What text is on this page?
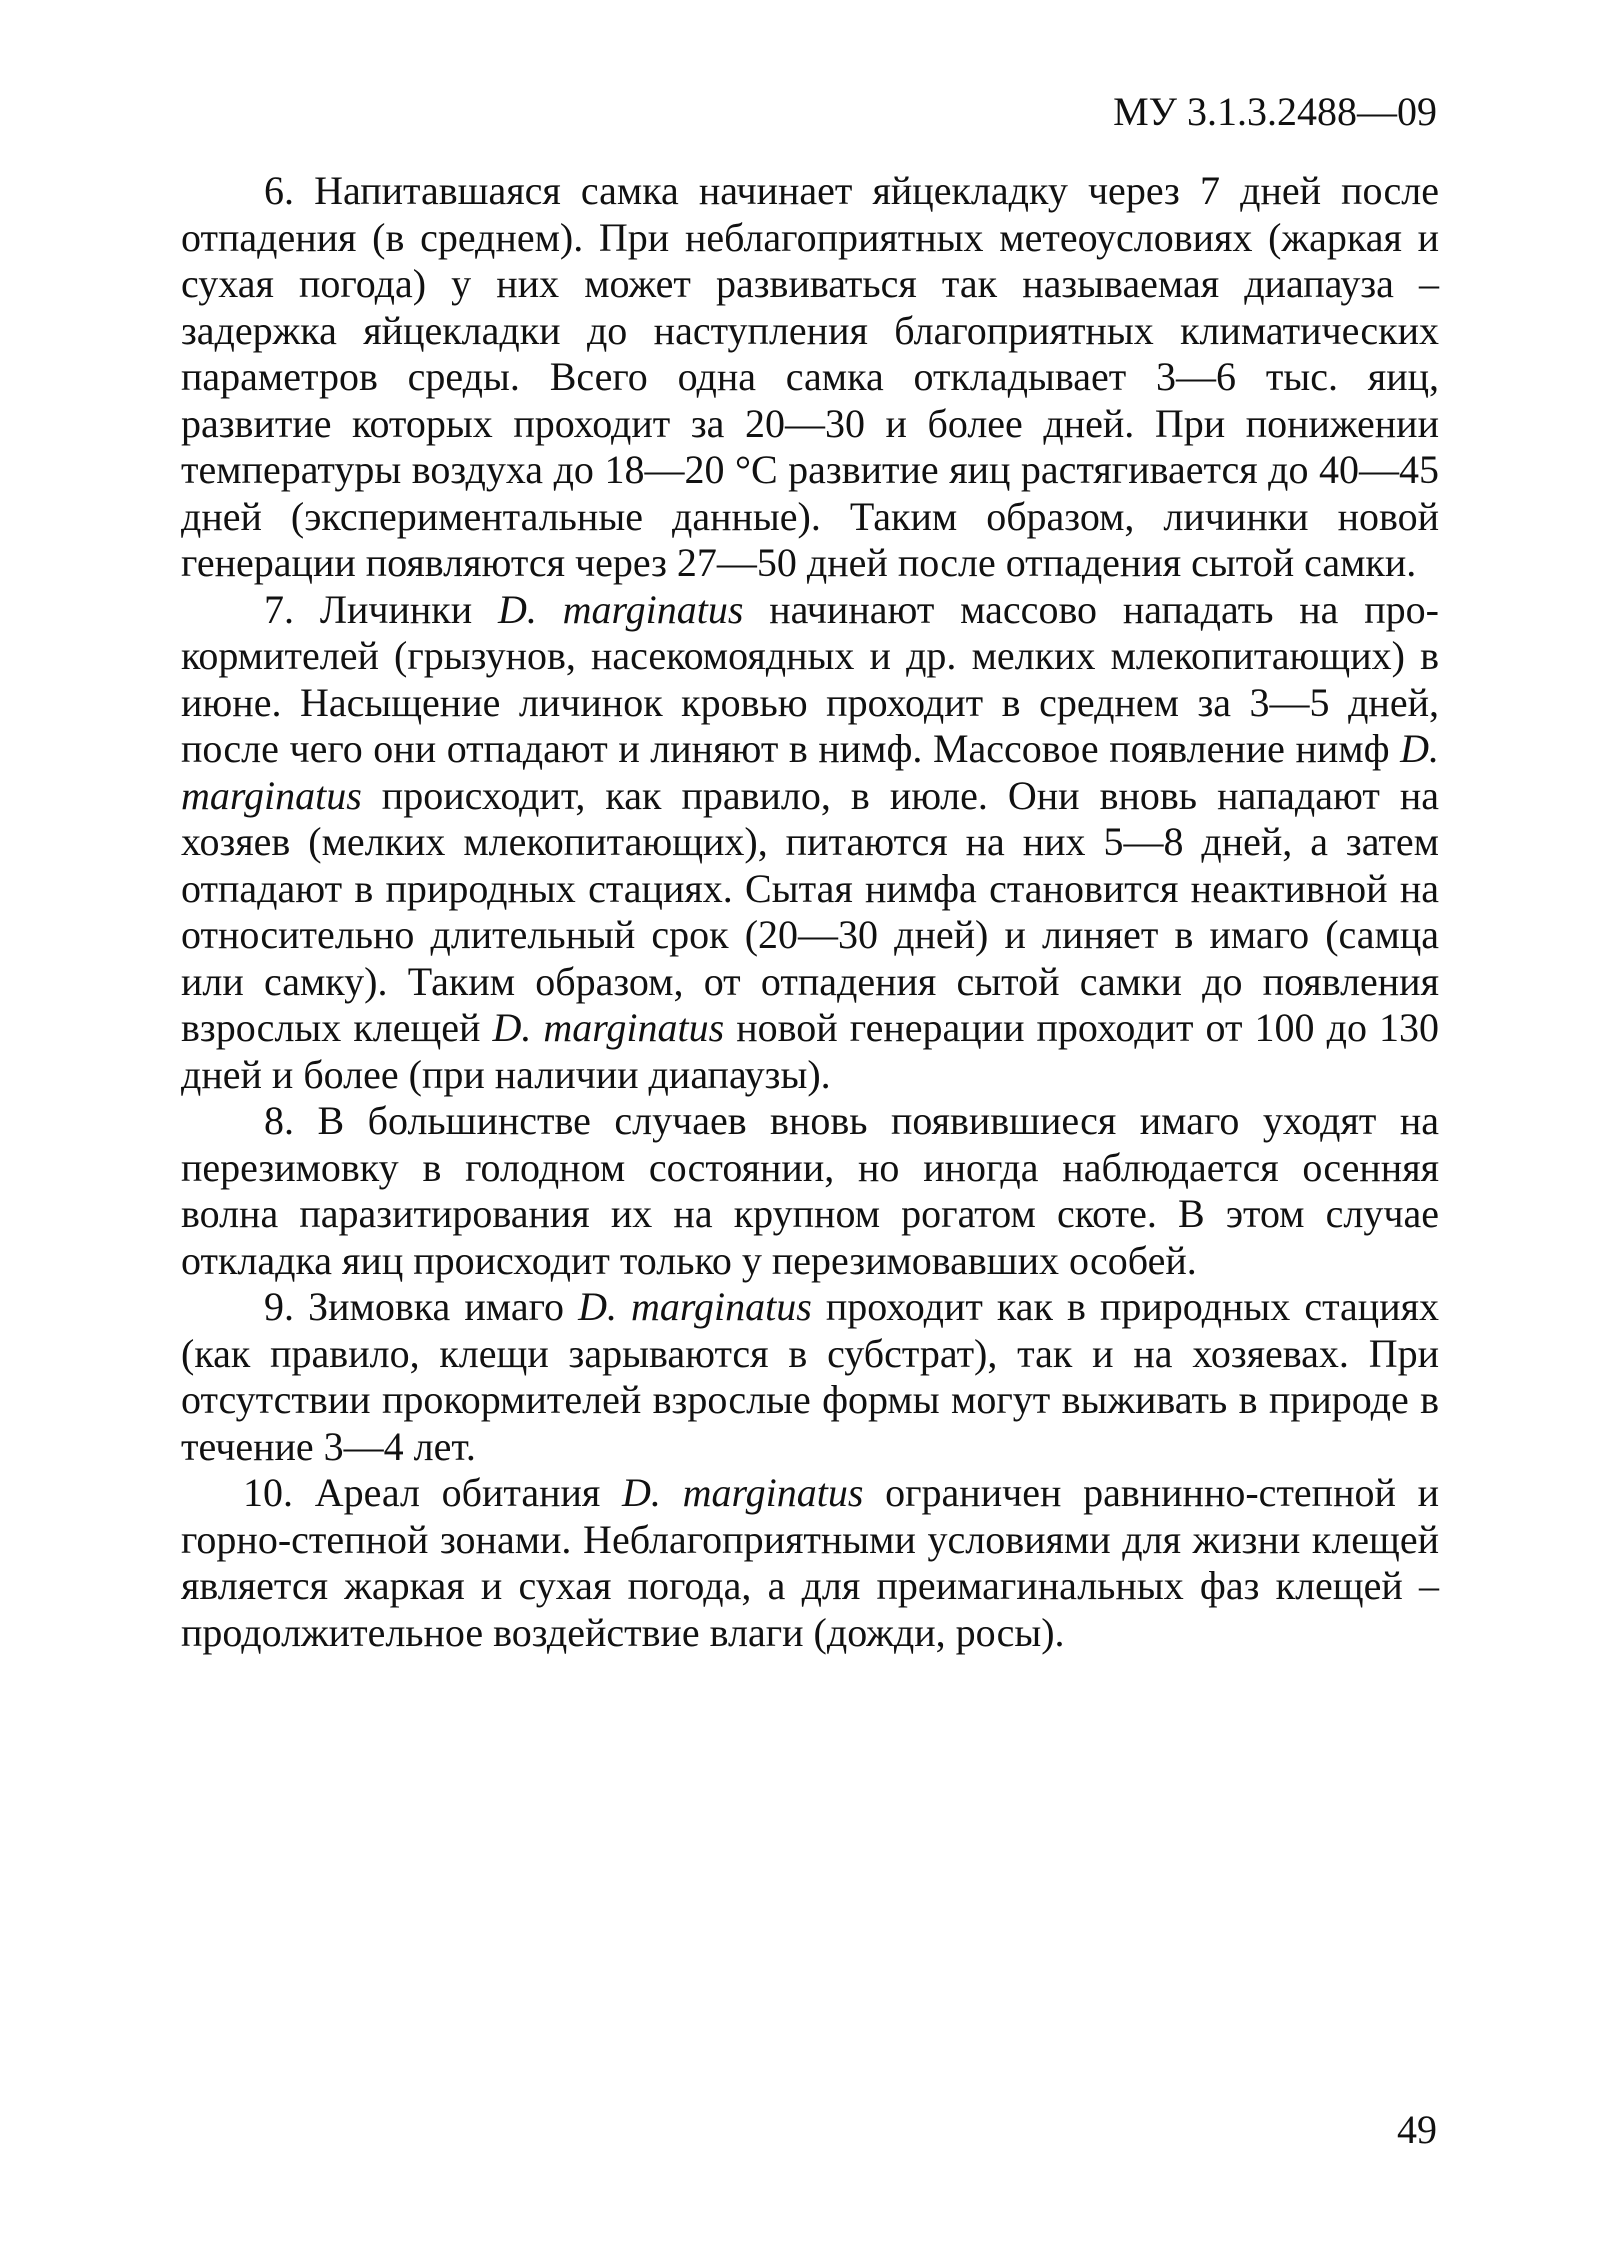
МУ 3.1.3.2488—09

6. Напитавшаяся самка начинает яйцекладку через 7 дней после отпадения (в среднем). При неблагоприятных метеоусловиях (жаркая и сухая погода) у них может развиваться так называемая диапауза – задержка яйцекладки до наступления благоприятных климатических параметров среды. Всего одна самка откладывает 3—6 тыс. яиц, развитие которых проходит за 20—30 и более дней. При понижении температуры воздуха до 18—20 °С развитие яиц растягивается до 40—45 дней (экспериментальные данные). Таким образом, личинки новой генерации появляются через 27—50 дней после отпадения сытой самки.

7. Личинки D. marginatus начинают массово нападать на прокормителей (грызунов, насекомоядных и др. мелких млекопитающих) в июне. Насыщение личинок кровью проходит в среднем за 3—5 дней, после чего они отпадают и линяют в нимф. Массовое появление нимф D. marginatus происходит, как правило, в июле. Они вновь нападают на хозяев (мелких млекопитающих), питаются на них 5—8 дней, а затем отпадают в природных стациях. Сытая нимфа становится неактивной на относительно длительный срок (20—30 дней) и линяет в имаго (самца или самку). Таким образом, от отпадения сытой самки до появления взрослых клещей D. marginatus новой генерации проходит от 100 до 130 дней и более (при наличии диапаузы).

8. В большинстве случаев вновь появившиеся имаго уходят на перезимовку в голодном состоянии, но иногда наблюдается осенняя волна паразитирования их на крупном рогатом скоте. В этом случае откладка яиц происходит только у перезимовавших особей.

9. Зимовка имаго D. marginatus проходит как в природных стациях (как правило, клещи зарываются в субстрат), так и на хозяевах. При отсутствии прокормителей взрослые формы могут выживать в природе в течение 3—4 лет.

10. Ареал обитания D. marginatus ограничен равнинно-степной и горно-степной зонами. Неблагоприятными условиями для жизни клещей является жаркая и сухая погода, а для преимагинальных фаз клещей – продолжительное воздействие влаги (дожди, росы).

49
